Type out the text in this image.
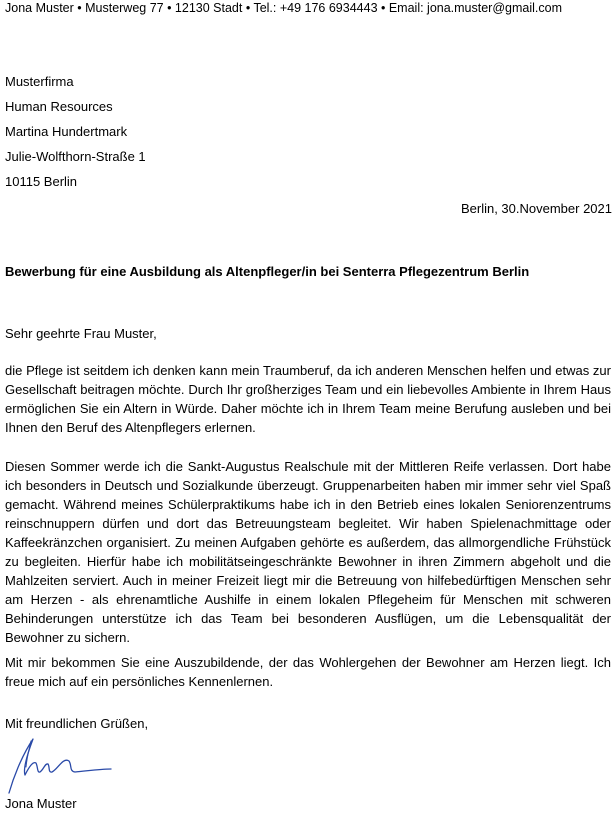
Jona Muster • Musterweg 77 • 12130 Stadt • Tel.: +49 176 6934443 • Email: jona.muster@gmail.com
Musterfirma
Human Resources
Martina Hundertmark
Julie-Wolfthorn-Straße 1
10115 Berlin
Berlin, 30.November 2021
Bewerbung für eine Ausbildung als Altenpfleger/in bei Senterra Pflegezentrum Berlin
Sehr geehrte Frau Muster,

die Pflege ist seitdem ich denken kann mein Traumberuf, da ich anderen Menschen helfen und etwas zur Gesellschaft beitragen möchte. Durch Ihr großherziges Team und ein liebevolles Ambiente in Ihrem Haus ermöglichen Sie ein Altern in Würde. Daher möchte ich in Ihrem Team meine Berufung ausleben und bei Ihnen den Beruf des Altenpflegers erlernen.

Diesen Sommer werde ich die Sankt-Augustus Realschule mit der Mittleren Reife verlassen. Dort habe ich besonders in Deutsch und Sozialkunde überzeugt. Gruppenarbeiten haben mir immer sehr viel Spaß gemacht. Während meines Schülerpraktikums habe ich in den Betrieb eines lokalen Seniorenzentrums reinschnuppern dürfen und dort das Betreuungsteam begleitet. Wir haben Spielenachmittage oder Kaffeekränzchen organisiert. Zu meinen Aufgaben gehörte es außerdem, das allmorgendliche Frühstück zu begleiten. Hierfür habe ich mobilitätseingeschränkte Bewohner in ihren Zimmern abgeholt und die Mahlzeiten serviert. Auch in meiner Freizeit liegt mir die Betreuung von hilfebedürftigen Menschen sehr am Herzen - als ehrenamtliche Aushilfe in einem lokalen Pflegeheim für Menschen mit schweren Behinderungen unterstütze ich das Team bei besonderen Ausflügen, um die Lebensqualität der Bewohner zu sichern.

Mit mir bekommen Sie eine Auszubildende, der das Wohlergehen der Bewohner am Herzen liegt. Ich freue mich auf ein persönliches Kennenlernen.

Mit freundlichen Grüßen,
Jona Muster
